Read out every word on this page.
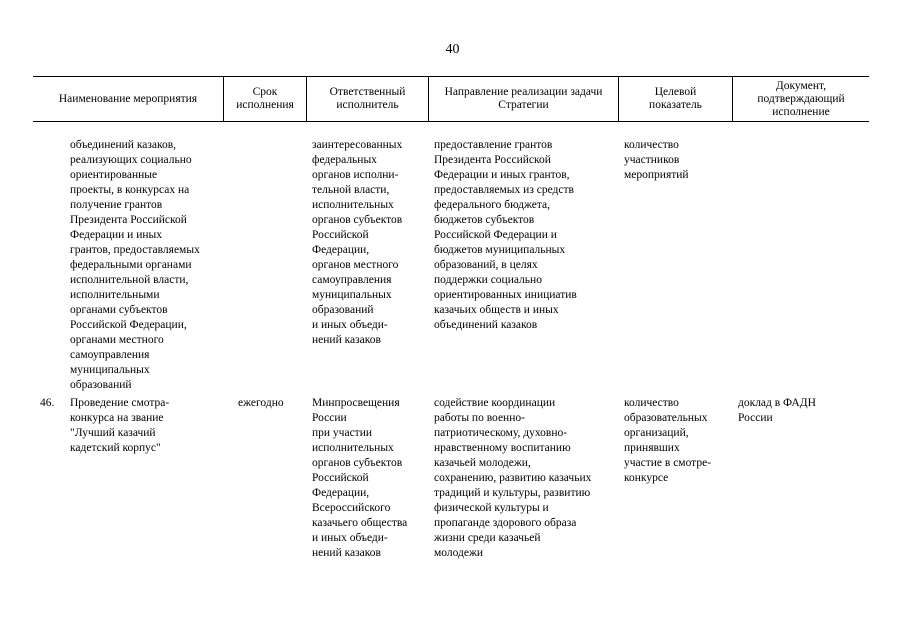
40
Наименование мероприятия
Срок
исполнения
Ответственный
исполнитель
Направление реализации задачи
Стратегии
Целевой
показатель
Документ,
подтверждающий
исполнение
объединений казаков,
реализующих социально
ориентированные
проекты, в конкурсах на
получение грантов
Президента Российской
Федерации и иных
грантов, предоставляемых
федеральными органами
исполнительной власти,
исполнительными
органами субъектов
Российской Федерации,
органами местного
самоуправления
муниципальных
образований
заинтересованных
федеральных
органов исполни-
тельной власти,
исполнительных
органов субъектов
Российской
Федерации,
органов местного
самоуправления
муниципальных
образований
и иных объеди-
нений казаков
предоставление грантов
Президента Российской
Федерации и иных грантов,
предоставляемых из средств
федерального бюджета,
бюджетов субъектов
Российской Федерации и
бюджетов муниципальных
образований, в целях
поддержки социально
ориентированных инициатив
казачьих обществ и иных
объединений казаков
количество
участников
мероприятий
46. Проведение смотра-
конкурса на звание
"Лучший казачий
кадетский корпус"
ежегодно	Минпросвещения
России
при участии
исполнительных
органов субъектов
Российской
Федерации,
Всероссийского
казачьего общества
и иных объеди-
нений казаков
содействие координации
работы по военно-
патриотическому, духовно-
нравственному воспитанию
казачьей молодежи,
сохранению, развитию казачьих
традиций и культуры, развитию
физической культуры и
пропаганде здорового образа
жизни среди казачьей
молодежи
количество
образовательных
организаций,
принявших
участие в смотре-
конкурсе
доклад в ФАДН
России
